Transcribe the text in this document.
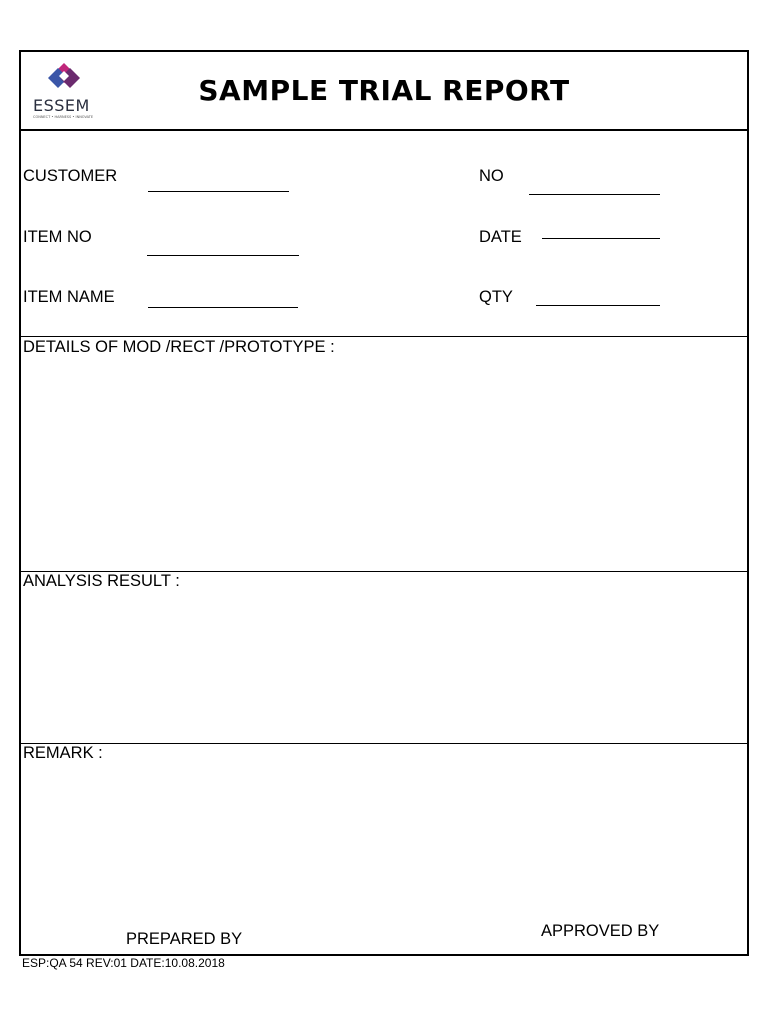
ESSEM
CONNECT • HARNESS • INNOVATE
SAMPLE TRIAL REPORT
CUSTOMER	NO
ITEM NO	DATE
ITEM NAME	QTY
DETAILS OF MOD /RECT /PROTOTYPE :
ANALYSIS RESULT :
REMARK :
PREPARED BY	APPROVED BY
ESP:QA 54 REV:01 DATE:10.08.2018
